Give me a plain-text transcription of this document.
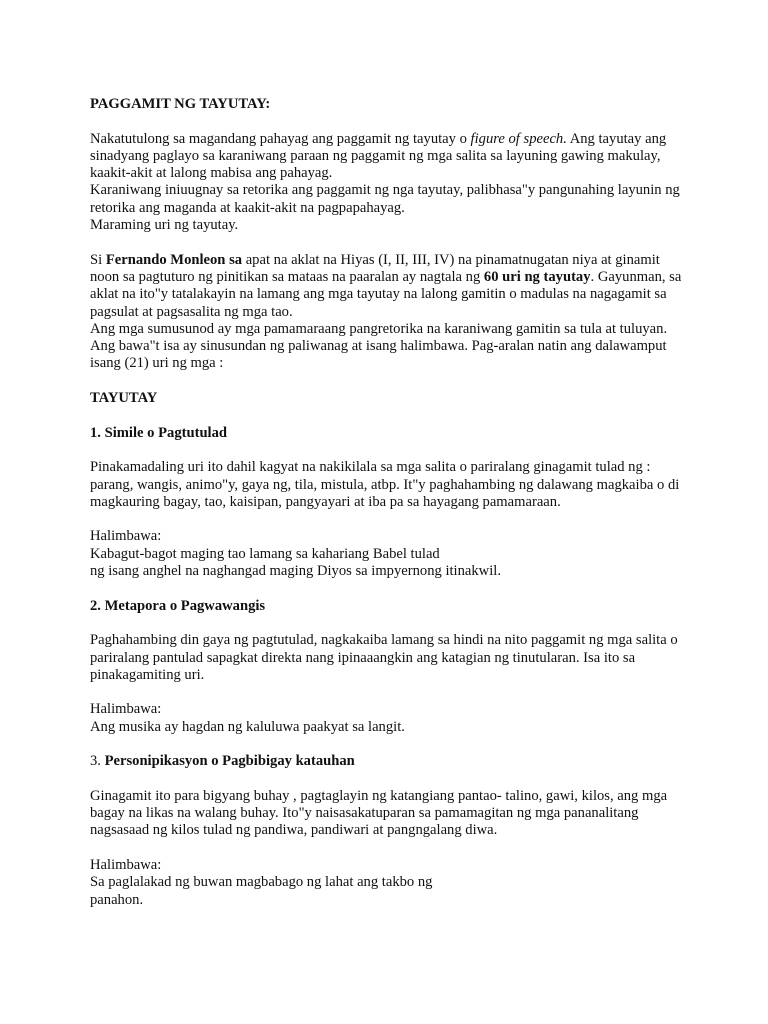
PAGGAMIT NG TAYUTAY:

Nakatutulong sa magandang pahayag ang paggamit ng tayutay o figure of speech. Ang tayutay ang

sinadyang paglayo sa karaniwang paraan ng paggamit ng mga salita sa layuning gawing makulay,

kaakit-akit at lalong mabisa ang pahayag.

Karaniwang iniuugnay sa retorika ang paggamit ng nga tayutay, palibhasa"y pangunahing layunin ng

retorika ang maganda at kaakit-akit na pagpapahayag.

Maraming uri ng tayutay.

Si Fernando Monleon sa apat na aklat na Hiyas (I, II, III, IV) na pinamatnugatan niya at ginamit

noon sa pagtuturo ng pinitikan sa mataas na paaralan ay nagtala ng 60 uri ng tayutay. Gayunman, sa

aklat na ito"y tatalakayin na lamang ang mga tayutay na lalong gamitin o madulas na nagagamit sa

pagsulat at pagsasalita ng mga tao.

Ang mga sumusunod ay mga pamamaraang pangretorika na karaniwang gamitin sa tula at tuluyan.

Ang bawa"t isa ay sinusundan ng paliwanag at isang halimbawa. Pag-aralan natin ang dalawamput

isang (21) uri ng mga :

TAYUTAY

1. Simile o Pagtutulad

Pinakamadaling uri ito dahil kagyat na nakikilala sa mga salita o pariralang ginagamit tulad ng :

parang, wangis, animo"y, gaya ng, tila, mistula, atbp. It"y paghahambing ng dalawang magkaiba o di

magkauring bagay, tao, kaisipan, pangyayari at iba pa sa hayagang pamamaraan.

Halimbawa:

Kabagut-bagot maging tao lamang sa kahariang Babel tulad

ng isang anghel na naghangad maging Diyos sa impyernong itinakwil.

2. Metapora o Pagwawangis

Paghahambing din gaya ng pagtutulad, nagkakaiba lamang sa hindi na nito paggamit ng mga salita o

pariralang pantulad sapagkat direkta nang ipinaaangkin ang katagian ng tinutularan. Isa ito sa

pinakagamiting uri.

Halimbawa:

Ang musika ay hagdan ng kaluluwa paakyat sa langit.

3. Personipikasyon o Pagbibigay katauhan

Ginagamit ito para bigyang buhay , pagtaglayin ng katangiang pantao- talino, gawi, kilos, ang mga

bagay na likas na walang buhay. Ito"y naisasakatuparan sa pamamagitan ng mga pananalitang

nagsasaad ng kilos tulad ng pandiwa, pandiwari at pangngalang diwa.

Halimbawa:

Sa paglalakad ng buwan magbabago ng lahat ang takbo ng

panahon.
